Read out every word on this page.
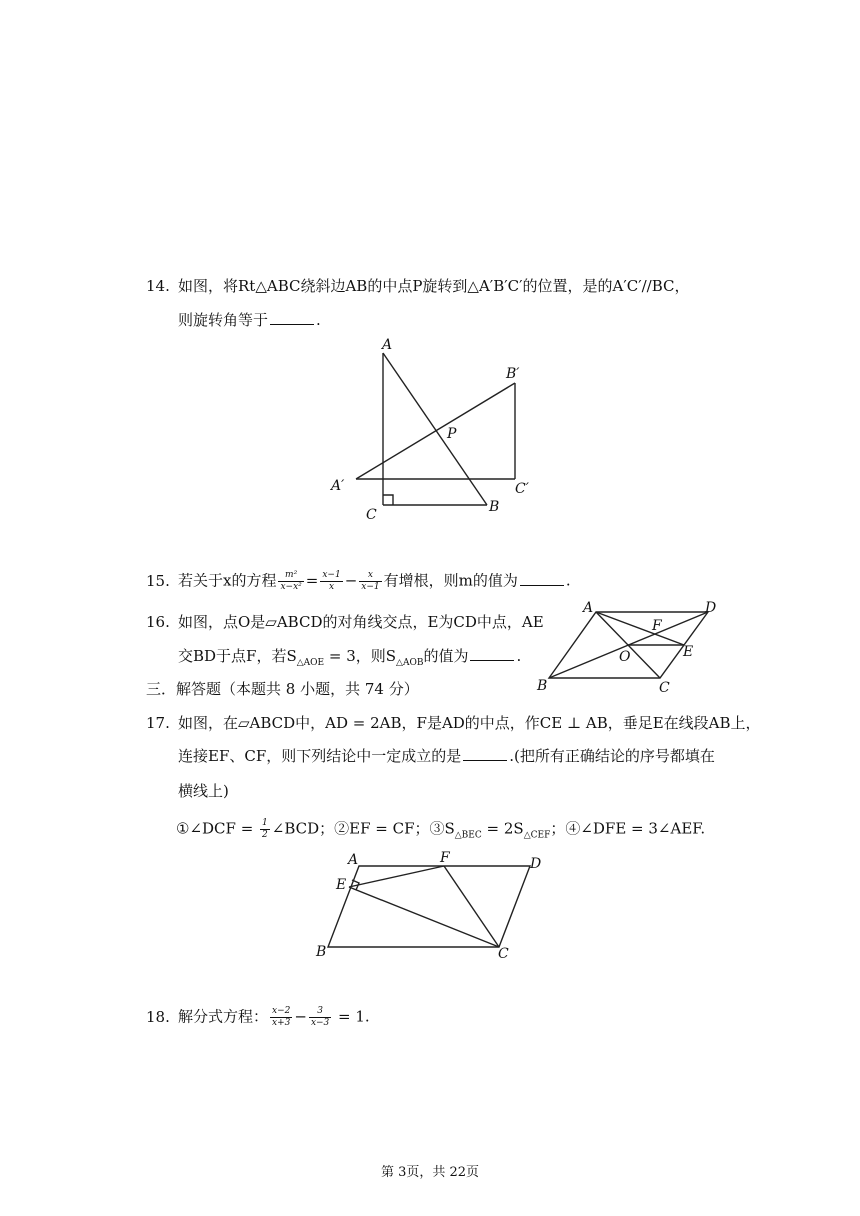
14. 如图，将Rt△ABC绕斜边AB的中点P旋转到△A′B′C′的位置，是的A′C′//BC，
则旋转角等于	.
A
C	B
A′
B′
C′
P
15. 若关于x的方程 $\frac{\text{m²}}{\text{x−x²}} = \frac{x-1}{x} - \frac{x}{x-1}$ 有增根，则m的值为	.
16. 如图，点O是▱ABCD的对角线交点，E为CD中点，AE
交BD于点F，若$S_{\triangle AOE} = 3$，则$S_{\triangle AOB}$的值为	.
A	D
F
O	E
B	C
三．解答题（本题共 8 小题，共 74 分）
17. 如图，在▱ABCD中，AD = 2AB，F是AD的中点，作CE ⊥ AB，垂足E在线段AB上，
连接EF、CF，则下列结论中一定成立的是	.(把所有正确结论的序号都填在
横线上)
①∠DCF = $\frac{1}{2}$ ∠BCD；②EF = CF；$③S_{\triangle BEC} = 2S_{\triangle CEF}$；④∠DFE = 3∠AEF.
A	F	D
E
B	C
18. 解分式方程： $\frac{x-2}{x+3} - \frac{3}{x-3} = 1$.
第 3页，共 22页
